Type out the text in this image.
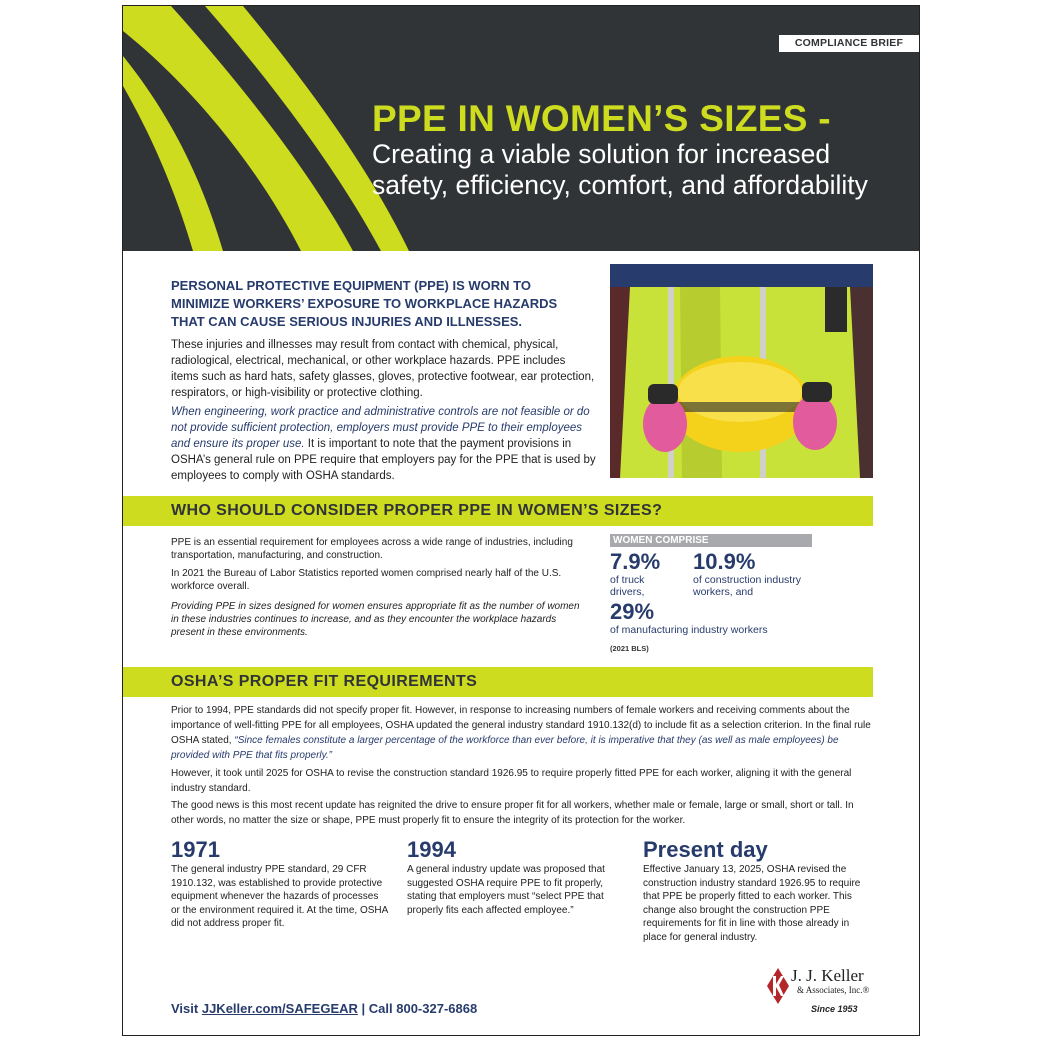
COMPLIANCE BRIEF
PPE IN WOMEN’S SIZES -
Creating a viable solution for increased safety, efficiency, comfort, and affordability
PERSONAL PROTECTIVE EQUIPMENT (PPE) IS WORN TO MINIMIZE WORKERS’ EXPOSURE TO WORKPLACE HAZARDS THAT CAN CAUSE SERIOUS INJURIES AND ILLNESSES.

These injuries and illnesses may result from contact with chemical, physical, radiological, electrical, mechanical, or other workplace hazards. PPE includes items such as hard hats, safety glasses, gloves, protective footwear, ear protection, respirators, or high-visibility or protective clothing.

When engineering, work practice and administrative controls are not feasible or do not provide sufficient protection, employers must provide PPE to their employees and ensure its proper use. It is important to note that the payment provisions in OSHA’s general rule on PPE require that employers pay for the PPE that is used by employees to comply with OSHA standards.

WHO SHOULD CONSIDER PROPER PPE IN WOMEN’S SIZES?

PPE is an essential requirement for employees across a wide range of industries, including transportation, manufacturing, and construction.

In 2021 the Bureau of Labor Statistics reported women comprised nearly half of the U.S. workforce overall.

Providing PPE in sizes designed for women ensures appropriate fit as the number of women in these industries continues to increase, and as they encounter the workplace hazards present in these environments.

WOMEN COMPRISE
7.9%
of truck drivers,
10.9%
of construction industry workers, and
29%
of manufacturing industry workers
(2021 BLS)
OSHA’S PROPER FIT REQUIREMENTS

Prior to 1994, PPE standards did not specify proper fit. However, in response to increasing numbers of female workers and receiving comments about the importance of well-fitting PPE for all employees, OSHA updated the general industry standard 1910.132(d) to include fit as a selection criterion. In the final rule OSHA stated, “Since females constitute a larger percentage of the workforce than ever before, it is imperative that they (as well as male employees) be provided with PPE that fits properly.”

However, it took until 2025 for OSHA to revise the construction standard 1926.95 to require properly fitted PPE for each worker, aligning it with the general industry standard.

The good news is this most recent update has reignited the drive to ensure proper fit for all workers, whether male or female, large or small, short or tall. In other words, no matter the size or shape, PPE must properly fit to ensure the integrity of its protection for the worker.

1971

The general industry PPE standard, 29 CFR 1910.132, was established to provide protective equipment whenever the hazards of processes or the environment required it. At the time, OSHA did not address proper fit.

1994

A general industry update was proposed that suggested OSHA require PPE to fit properly, stating that employers must “select PPE that properly fits each affected employee.”

Present day

Effective January 13, 2025, OSHA revised the construction industry standard 1926.95 to require that PPE be properly fitted to each worker. This change also brought the construction PPE requirements for fit in line with those already in place for general industry.

Visit JJKeller.com/SAFEGEAR | Call 800-327-6868
J. J. Keller
& Associates, Inc.®
Since 1953
